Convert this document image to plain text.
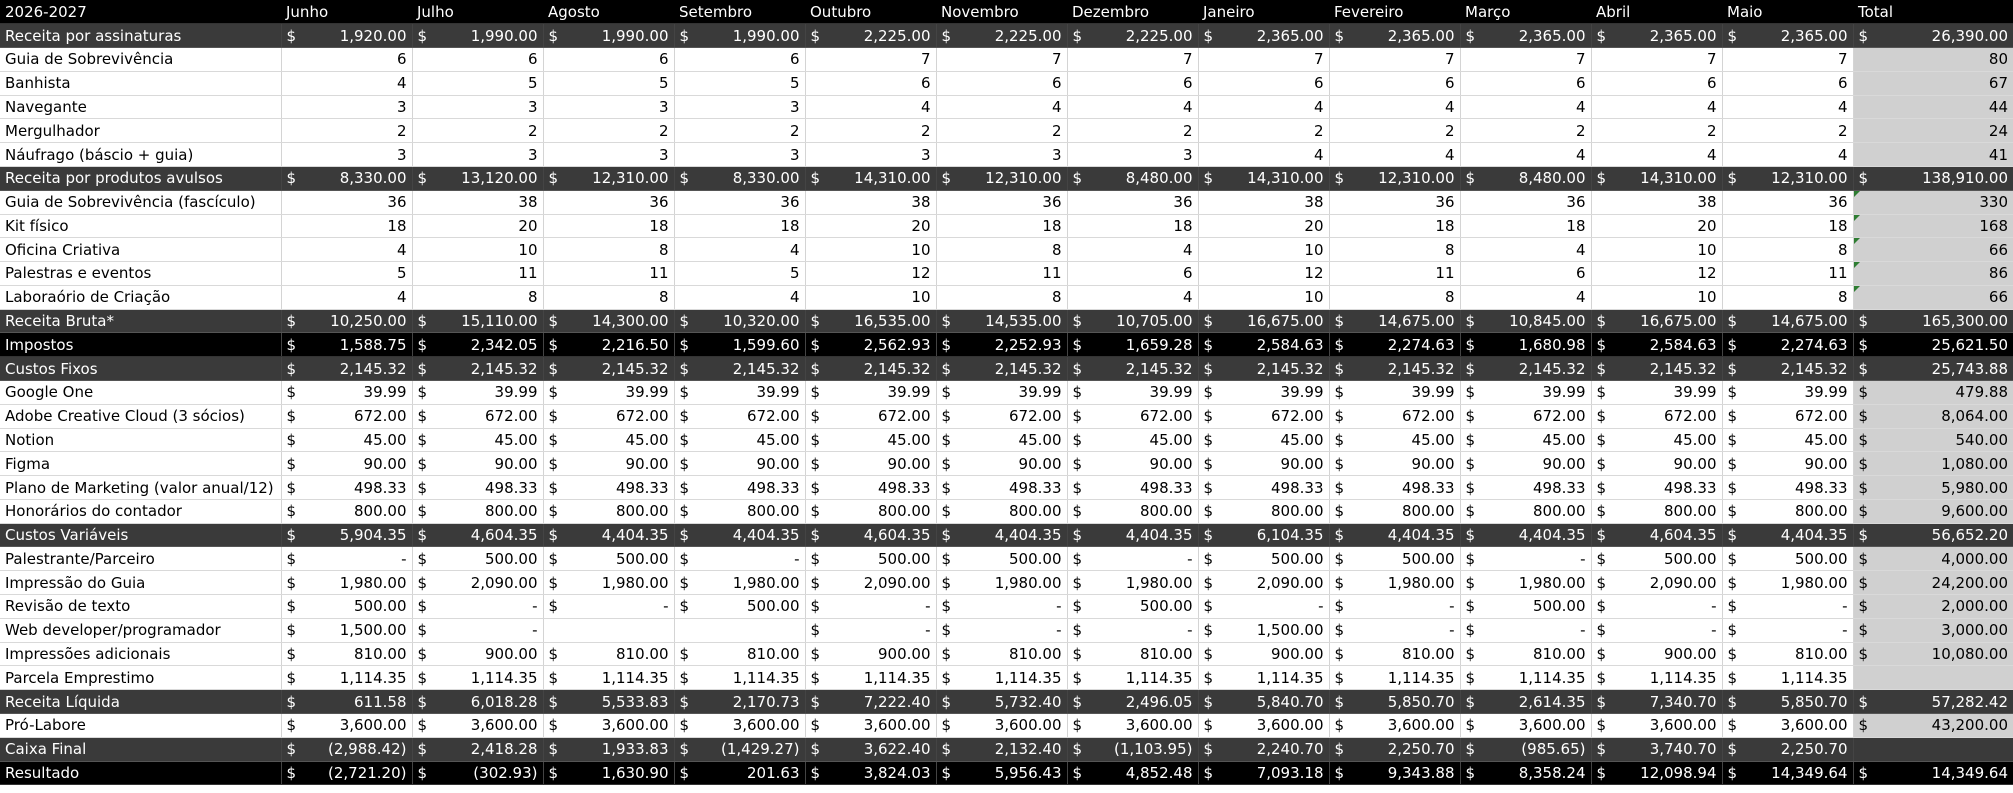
2026-2027	Junho	Julho	Agosto	Setembro	Outubro	Novembro	Dezembro	Janeiro	Fevereiro	Março	Abril	Maio	Total
Receita por assinaturas	$ 1,920.00	$ 1,990.00	$ 1,990.00	$ 1,990.00	$ 2,225.00	$ 2,225.00	$ 2,225.00	$ 2,365.00	$ 2,365.00	$ 2,365.00	$ 2,365.00	$ 2,365.00	$ 26,390.00

Guia de Sobrevivência	6	6	6	6	7	7	7	7	7	7	7	7	80

Banhista	4	5	5	5	6	6	6	6	6	6	6	6	67

Navegante	3	3	3	3	4	4	4	4	4	4	4	4	44

Mergulhador	2	2	2	2	2	2	2	2	2	2	2	2	24

Náufrago (báscio + guia)	3	3	3	3	3	3	3	4	4	4	4	4	41

Receita por produtos avulsos	$ 8,330.00	$ 13,120.00	$ 12,310.00	$ 8,330.00	$ 14,310.00	$ 12,310.00	$ 8,480.00	$ 14,310.00	$ 12,310.00	$ 8,480.00	$ 14,310.00	$ 12,310.00	$ 138,910.00

Guia de Sobrevivência (fascículo)	36	38	36	36	38	36	36	38	36	36	38	36	330

Kit físico	18	20	18	18	20	18	18	20	18	18	20	18	168

Oficina Criativa	4	10	8	4	10	8	4	10	8	4	10	8	66

Palestras e eventos	5	11	11	5	12	11	6	12	11	6	12	11	86

Laboraório de Criação	4	8	8	4	10	8	4	10	8	4	10	8	66

Receita Bruta*	$ 10,250.00	$ 15,110.00	$ 14,300.00	$ 10,320.00	$ 16,535.00	$ 14,535.00	$ 10,705.00	$ 16,675.00	$ 14,675.00	$ 10,845.00	$ 16,675.00	$ 14,675.00	$ 165,300.00

Impostos	$ 1,588.75	$ 2,342.05	$ 2,216.50	$ 1,599.60	$ 2,562.93	$ 2,252.93	$ 1,659.28	$ 2,584.63	$ 2,274.63	$ 1,680.98	$ 2,584.63	$ 2,274.63	$ 25,621.50

Custos Fixos	$ 2,145.32	$ 2,145.32	$ 2,145.32	$ 2,145.32	$ 2,145.32	$ 2,145.32	$ 2,145.32	$ 2,145.32	$ 2,145.32	$ 2,145.32	$ 2,145.32	$ 2,145.32	$ 25,743.88

Google One	$ 39.99	$ 39.99	$ 39.99	$ 39.99	$ 39.99	$ 39.99	$ 39.99	$ 39.99	$ 39.99	$ 39.99	$ 39.99	$ 39.99	$ 479.88

Adobe Creative Cloud (3 sócios)	$ 672.00	$ 672.00	$ 672.00	$ 672.00	$ 672.00	$ 672.00	$ 672.00	$ 672.00	$ 672.00	$ 672.00	$ 672.00	$ 672.00	$ 8,064.00

Notion	$ 45.00	$ 45.00	$ 45.00	$ 45.00	$ 45.00	$ 45.00	$ 45.00	$ 45.00	$ 45.00	$ 45.00	$ 45.00	$ 45.00	$ 540.00

Figma	$ 90.00	$ 90.00	$ 90.00	$ 90.00	$ 90.00	$ 90.00	$ 90.00	$ 90.00	$ 90.00	$ 90.00	$ 90.00	$ 90.00	$ 1,080.00

Plano de Marketing (valor anual/12)	$ 498.33	$ 498.33	$ 498.33	$ 498.33	$ 498.33	$ 498.33	$ 498.33	$ 498.33	$ 498.33	$ 498.33	$ 498.33	$ 498.33	$ 5,980.00

Honorários do contador	$ 800.00	$ 800.00	$ 800.00	$ 800.00	$ 800.00	$ 800.00	$ 800.00	$ 800.00	$ 800.00	$ 800.00	$ 800.00	$ 800.00	$ 9,600.00

Custos Variáveis	$ 5,904.35	$ 4,604.35	$ 4,404.35	$ 4,404.35	$ 4,604.35	$ 4,404.35	$ 4,404.35	$ 6,104.35	$ 4,404.35	$ 4,404.35	$ 4,604.35	$ 4,404.35	$ 56,652.20

Palestrante/Parceiro	$ -	$ 500.00	$ 500.00	$ -	$ 500.00	$ 500.00	$ -	$ 500.00	$ 500.00	$ -	$ 500.00	$ 500.00	$ 4,000.00

Impressão do Guia	$ 1,980.00	$ 2,090.00	$ 1,980.00	$ 1,980.00	$ 2,090.00	$ 1,980.00	$ 1,980.00	$ 2,090.00	$ 1,980.00	$ 1,980.00	$ 2,090.00	$ 1,980.00	$ 24,200.00

Revisão de texto	$ 500.00	$ -	$ -	$ 500.00	$ -	$ -	$ 500.00	$ -	$ -	$ 500.00	$ -	$ -	$ 2,000.00

Web developer/programador	$ 1,500.00	$ -			$ -	$ -	$ -	$ 1,500.00	$ -	$ -	$ -	$ -	$ 3,000.00

Impressões adicionais	$ 810.00	$ 900.00	$ 810.00	$ 810.00	$ 900.00	$ 810.00	$ 810.00	$ 900.00	$ 810.00	$ 810.00	$ 900.00	$ 810.00	$ 10,080.00

Parcela Emprestimo	$ 1,114.35	$ 1,114.35	$ 1,114.35	$ 1,114.35	$ 1,114.35	$ 1,114.35	$ 1,114.35	$ 1,114.35	$ 1,114.35	$ 1,114.35	$ 1,114.35	$ 1,114.35	

Receita Líquida	$ 611.58	$ 6,018.28	$ 5,533.83	$ 2,170.73	$ 7,222.40	$ 5,732.40	$ 2,496.05	$ 5,840.70	$ 5,850.70	$ 2,614.35	$ 7,340.70	$ 5,850.70	$ 57,282.42

Pró-Labore	$ 3,600.00	$ 3,600.00	$ 3,600.00	$ 3,600.00	$ 3,600.00	$ 3,600.00	$ 3,600.00	$ 3,600.00	$ 3,600.00	$ 3,600.00	$ 3,600.00	$ 3,600.00	$ 43,200.00

Caixa Final	$ (2,988.42)	$ 2,418.28	$ 1,933.83	$ (1,429.27)	$ 3,622.40	$ 2,132.40	$ (1,103.95)	$ 2,240.70	$ 2,250.70	$ (985.65)	$ 3,740.70	$ 2,250.70	

Resultado	$ (2,721.20)	$ (302.93)	$ 1,630.90	$ 201.63	$ 3,824.03	$ 5,956.43	$ 4,852.48	$ 7,093.18	$ 9,343.88	$ 8,358.24	$ 12,098.94	$ 14,349.64	$ 14,349.64
